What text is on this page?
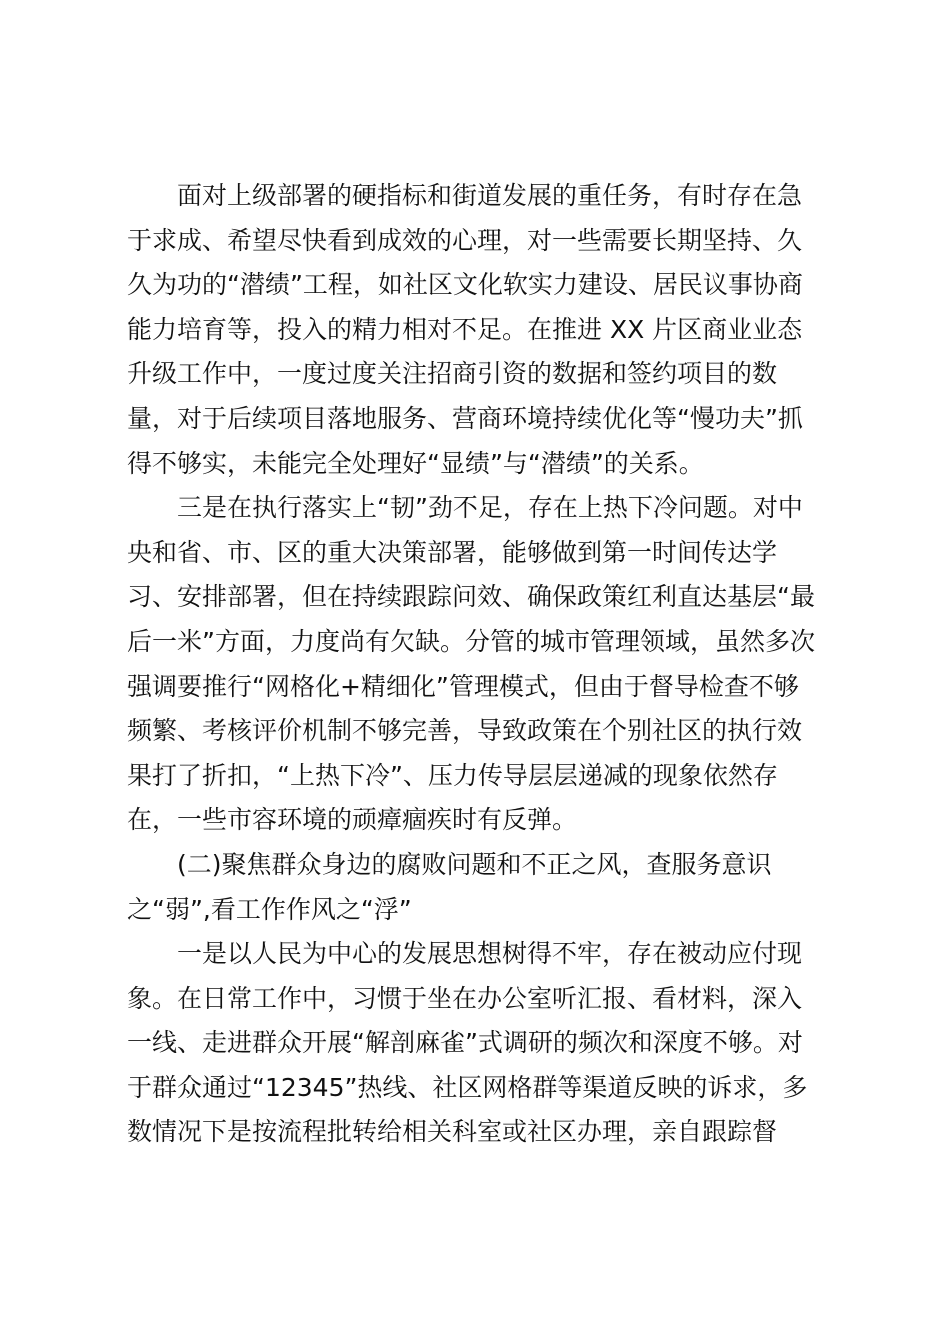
面对上级部署的硬指标和街道发展的重任务，有时存在急
于求成、希望尽快看到成效的心理，对一些需要长期坚持、久
久为功的“潜绩”工程，如社区文化软实力建设、居民议事协商
能力培育等，投入的精力相对不足。在推进 XX 片区商业业态
升级工作中，一度过度关注招商引资的数据和签约项目的数
量，对于后续项目落地服务、营商环境持续优化等“慢功夫”抓
得不够实，未能完全处理好“显绩”与“潜绩”的关系。
三是在执行落实上“韧”劲不足，存在上热下冷问题。对中
央和省、市、区的重大决策部署，能够做到第一时间传达学
习、安排部署，但在持续跟踪问效、确保政策红利直达基层“最
后一米”方面，力度尚有欠缺。分管的城市管理领域，虽然多次
强调要推行“网格化+精细化”管理模式，但由于督导检查不够
频繁、考核评价机制不够完善，导致政策在个别社区的执行效
果打了折扣，“上热下冷”、压力传导层层递减的现象依然存
在，一些市容环境的顽瘴痼疾时有反弹。
(二)聚焦群众身边的腐败问题和不正之风，查服务意识
之“弱”,看工作作风之“浮”
一是以人民为中心的发展思想树得不牢，存在被动应付现
象。在日常工作中，习惯于坐在办公室听汇报、看材料，深入
一线、走进群众开展“解剖麻雀”式调研的频次和深度不够。对
于群众通过“12345”热线、社区网格群等渠道反映的诉求，多
数情况下是按流程批转给相关科室或社区办理，亲自跟踪督
